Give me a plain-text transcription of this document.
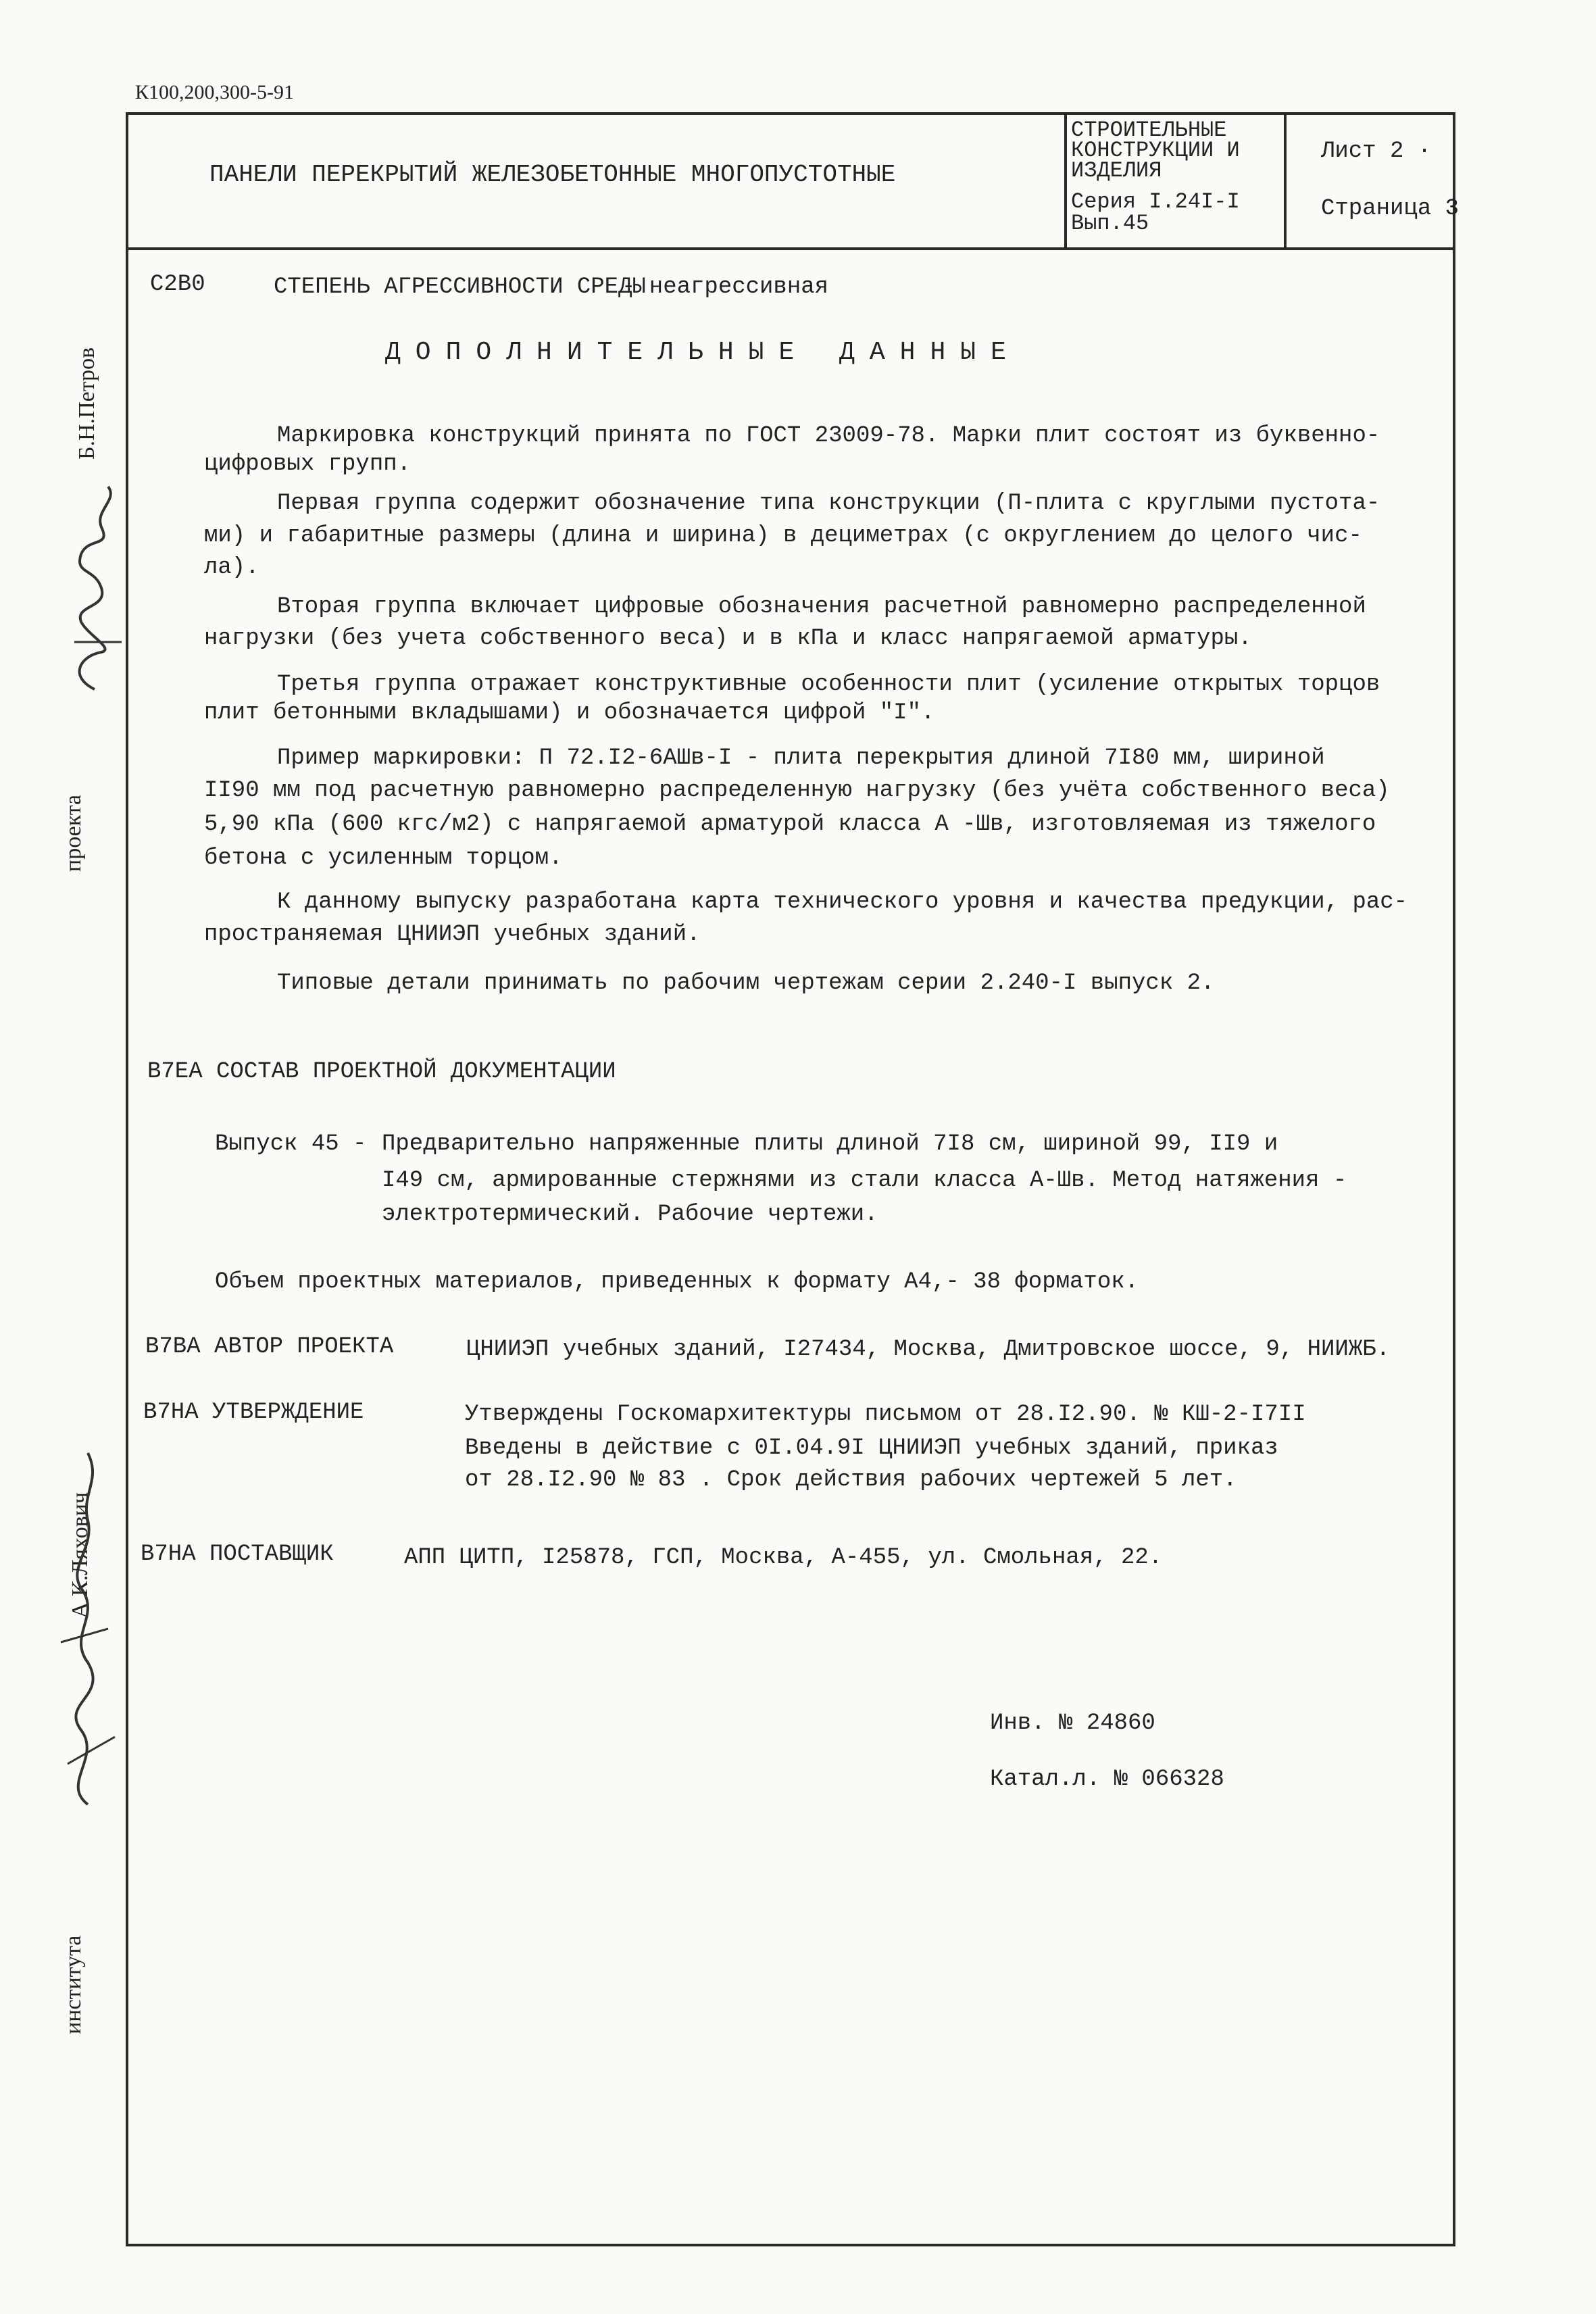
К100,200,300-5-91
ПАНЕЛИ ПЕРЕКРЫТИЙ ЖЕЛЕЗОБЕТОННЫЕ МНОГОПУСТОТНЫЕ
СТРОИТЕЛЬНЫЕ
КОНСТРУКЦИИ И
ИЗДЕЛИЯ
Серия I.24I-I
Вып.45
Лист 2 ·
Страница 3
Б.Н.Петров
проекта
А К.Ляхович
института
С2В0	СТЕПЕНЬ АГРЕССИВНОСТИ СРЕДЫ
- неагрессивная
ДОПОЛНИТЕЛЬНЫЕ ДАННЫЕ
Маркировка конструкций принята по ГОСТ 23009-78. Марки плит состоят из буквенно-
цифровых групп.
Первая группа содержит обозначение типа конструкции (П-плита с круглыми пустота-
ми) и габаритные размеры (длина и ширина) в дециметрах (с округлением до целого чис-
ла).
Вторая группа включает цифровые обозначения расчетной равномерно распределенной
нагрузки (без учета собственного веса) и в кПа и класс напрягаемой арматуры.
Третья группа отражает конструктивные особенности плит (усиление открытых торцов
плит бетонными вкладышами) и обозначается цифрой "I".
Пример маркировки: П 72.I2-6АШв-I - плита перекрытия длиной 7I80 мм, шириной
II90 мм под расчетную равномерно распределенную нагрузку (без учёта собственного веса)
5,90 кПа (600 кгс/м2) с напрягаемой арматурой класса А -Шв, изготовляемая из тяжелого
бетона с усиленным торцом.
К данному выпуску разработана карта технического уровня и качества предукции, рас-
пространяемая ЦНИИЭП учебных зданий.
Типовые детали принимать по рабочим чертежам серии 2.240-I выпуск 2.
В7ЕА СОСТАВ ПРОЕКТНОЙ ДОКУМЕНТАЦИИ
Выпуск 45 - Предварительно напряженные плиты длиной 7I8 см, шириной 99, II9 и
I49 см, армированные стержнями из стали класса А-Шв. Метод натяжения -
электротермический. Рабочие чертежи.
Объем проектных материалов, приведенных к формату А4,- 38 форматок.
В7ВА АВТОР ПРОЕКТА	ЦНИИЭП учебных зданий, I27434, Москва, Дмитровское шоссе, 9, НИИЖБ.
В7НА УТВЕРЖДЕНИЕ	Утверждены Госкомархитектуры письмом от 28.I2.90. № КШ-2-I7II
Введены в действие с 0I.04.9I ЦНИИЭП учебных зданий, приказ
от 28.I2.90 № 83 . Срок действия рабочих чертежей 5 лет.
В7НА ПОСТАВЩИК	АПП ЦИТП, I25878, ГСП, Москва, А-455, ул. Смольная, 22.
Инв. № 24860
Катал.л. № 066328
